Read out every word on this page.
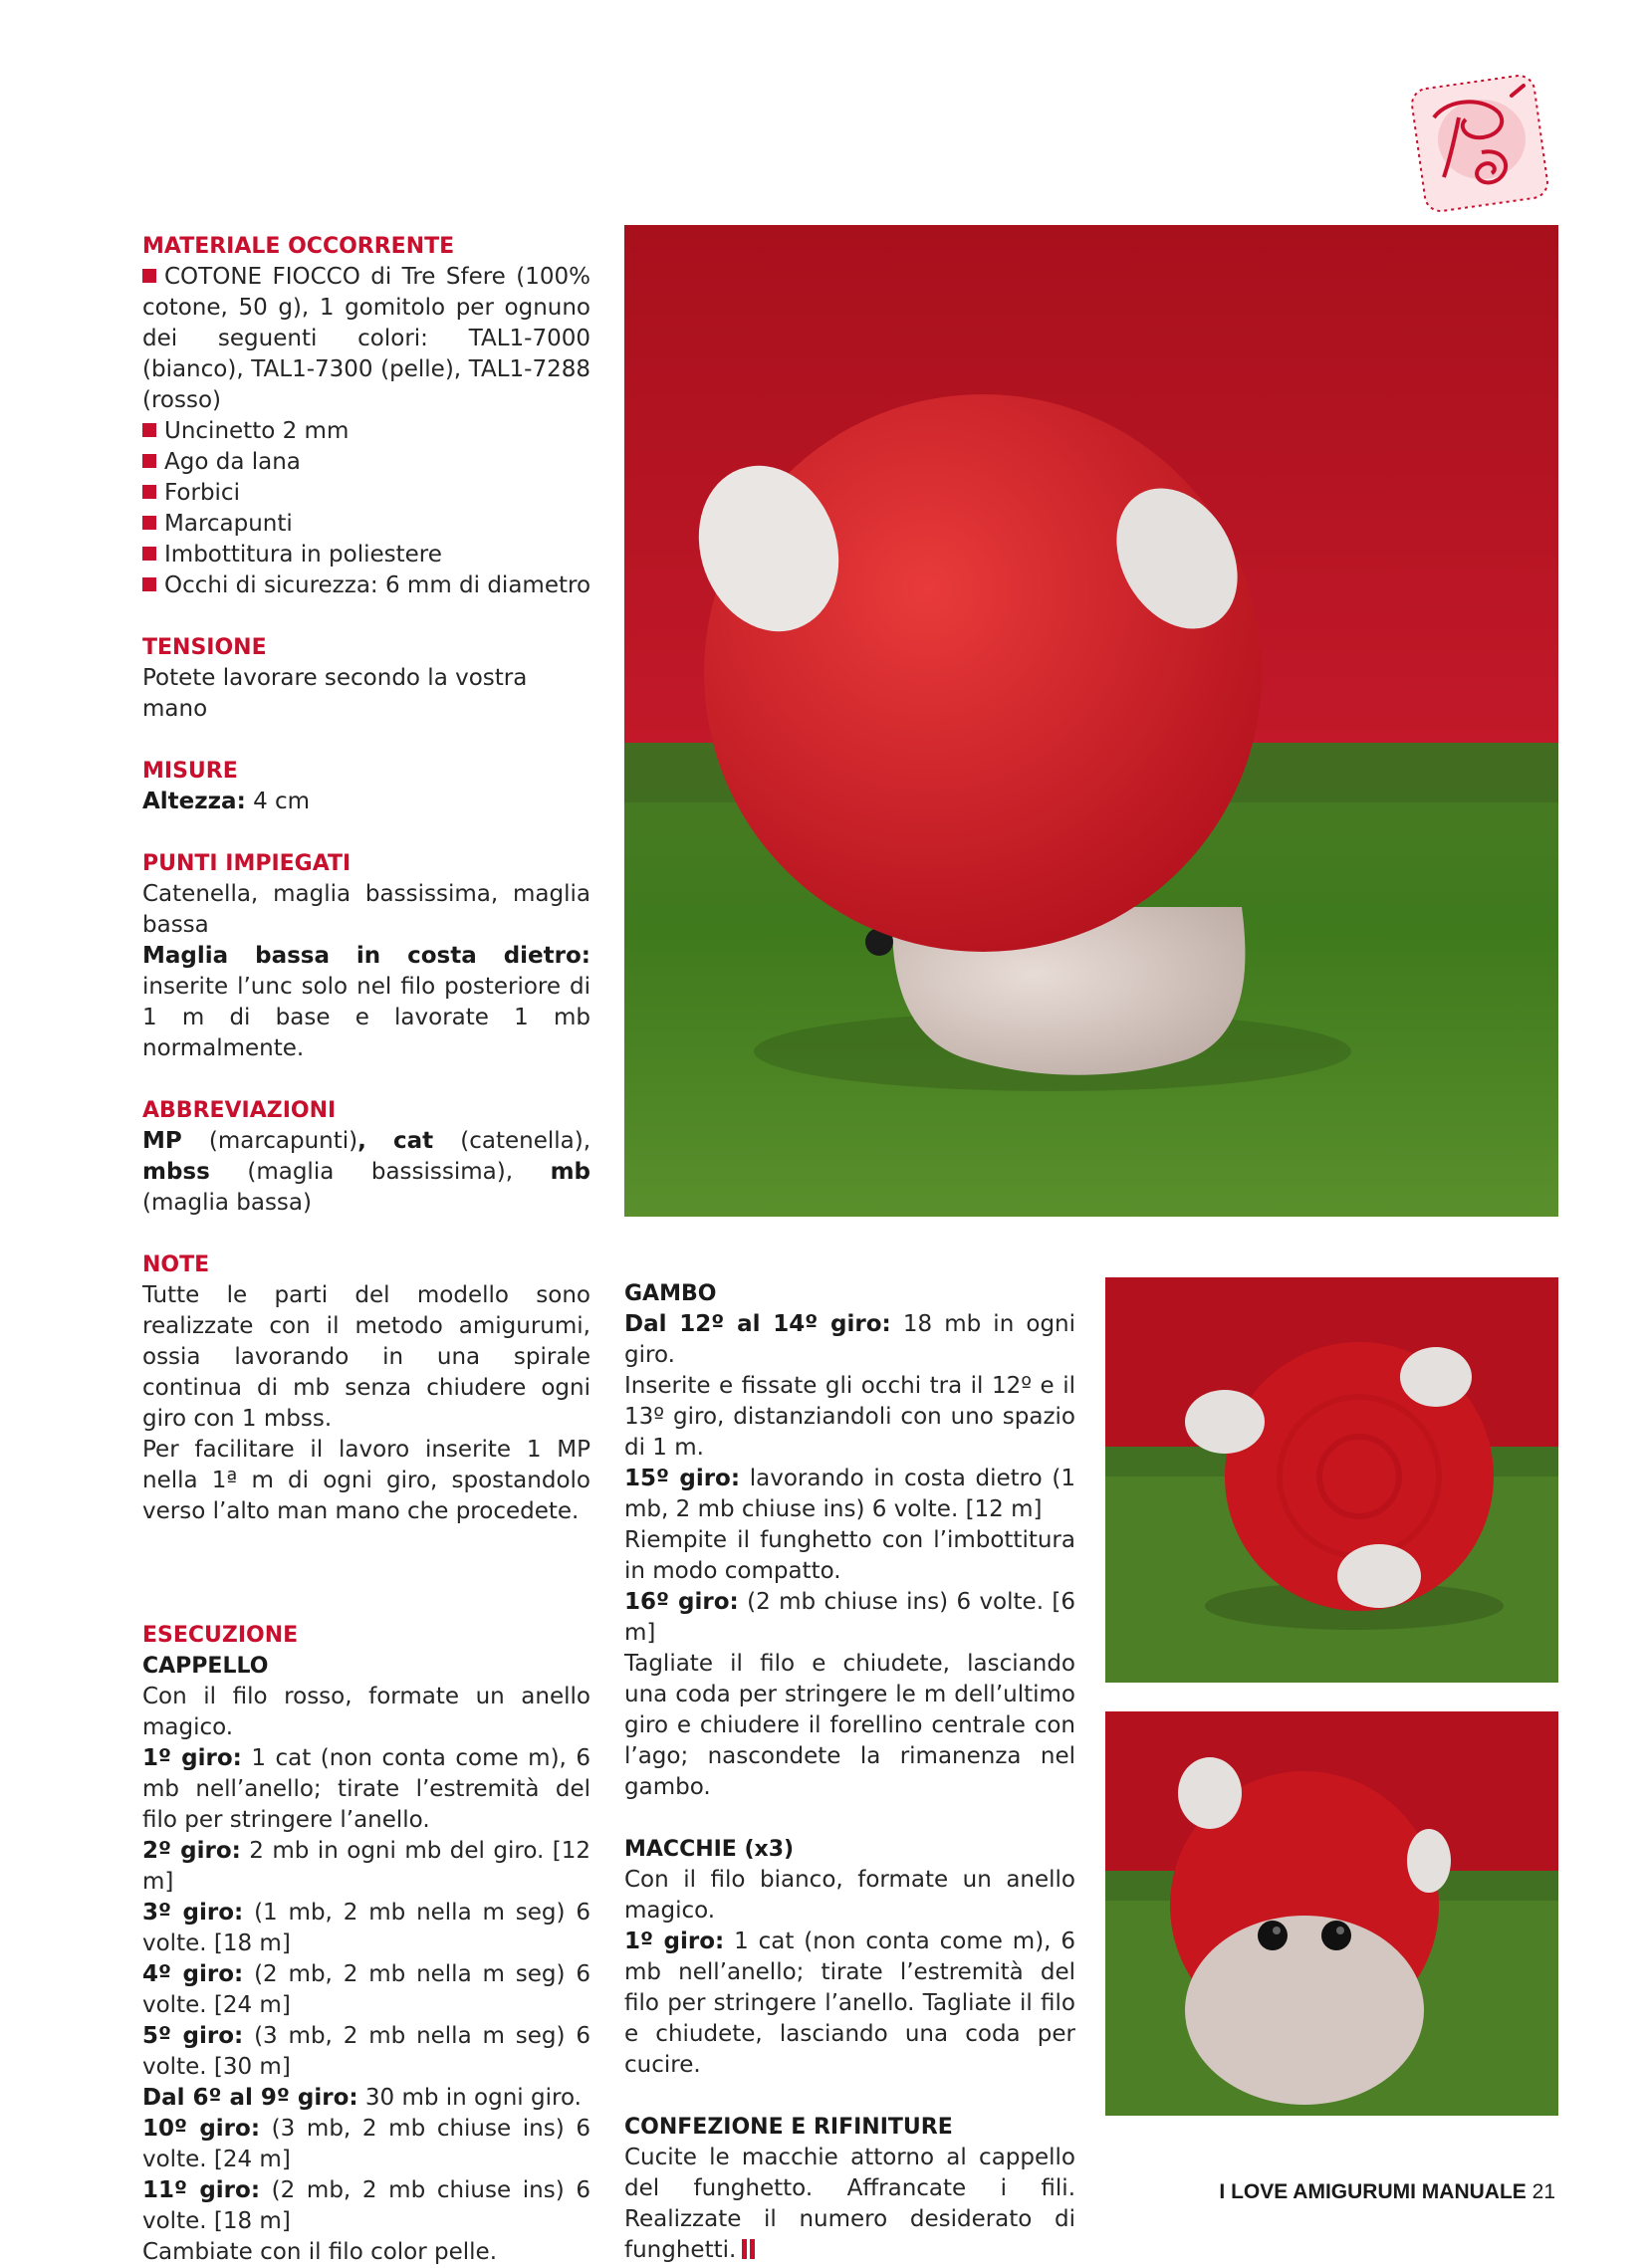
MATERIALE OCCORRENTE

COTONE FIOCCO di Tre Sfere (100% cotone, 50 g), 1 gomitolo per ognuno dei seguenti colori: TAL1-7000 (bianco), TAL1-7300 (pelle), TAL1-7288 (rosso)
Uncinetto 2 mm
Ago da lana
Forbici
Marcapunti
Imbottitura in poliestere
Occhi di sicurezza: 6 mm di diametro

TENSIONE

Potete lavorare secondo la vostra mano

MISURE

Altezza: 4 cm

PUNTI IMPIEGATI

Catenella, maglia bassissima, maglia bassa

Maglia bassa in costa dietro: inserite l’unc solo nel filo posteriore di 1 m di base e lavorate 1 mb normalmente.

ABBREVIAZIONI

MP (marcapunti), cat (catenella), mbss (maglia bassissima), mb (maglia bassa)

NOTE

Tutte le parti del modello sono realizzate con il metodo amigurumi, ossia lavorando in una spirale continua di mb senza chiudere ogni giro con 1 mbss.

Per facilitare il lavoro inserite 1 MP nella 1ª m di ogni giro, spostandolo verso l’alto man mano che procedete.

ESECUZIONE

CAPPELLO

Con il filo rosso, formate un anello magico.

1º giro: 1 cat (non conta come m), 6 mb nell’anello; tirate l’estremità del filo per stringere l’anello.

2º giro: 2 mb in ogni mb del giro. [12 m]

3º giro: (1 mb, 2 mb nella m seg) 6 volte. [18 m]

4º giro: (2 mb, 2 mb nella m seg) 6 volte. [24 m]

5º giro: (3 mb, 2 mb nella m seg) 6 volte. [30 m]

Dal 6º al 9º giro: 30 mb in ogni giro.

10º giro: (3 mb, 2 mb chiuse ins) 6 volte. [24 m]

11º giro: (2 mb, 2 mb chiuse ins) 6 volte. [18 m]

Cambiate con il filo color pelle.

GAMBO

Dal 12º al 14º giro: 18 mb in ogni giro.

Inserite e fissate gli occhi tra il 12º e il 13º giro, distanziandoli con uno spazio di 1 m.

15º giro: lavorando in costa dietro (1 mb, 2 mb chiuse ins) 6 volte. [12 m]

Riempite il funghetto con l’imbottitura in modo compatto.

16º giro: (2 mb chiuse ins) 6 volte. [6 m]

Tagliate il filo e chiudete, lasciando una coda per stringere le m dell’ultimo giro e chiudere il forellino centrale con l’ago; nascondete la rimanenza nel gambo.

MACCHIE (x3)

Con il filo bianco, formate un anello magico.

1º giro: 1 cat (non conta come m), 6 mb nell’anello; tirate l’estremità del filo per stringere l’anello. Tagliate il filo e chiudete, lasciando una coda per cucire.

CONFEZIONE E RIFINITURE

Cucite le macchie attorno al cappello del funghetto. Affrancate i fili. Realizzate il numero desiderato di funghetti.

I LOVE AMIGURUMI MANUALE 21
